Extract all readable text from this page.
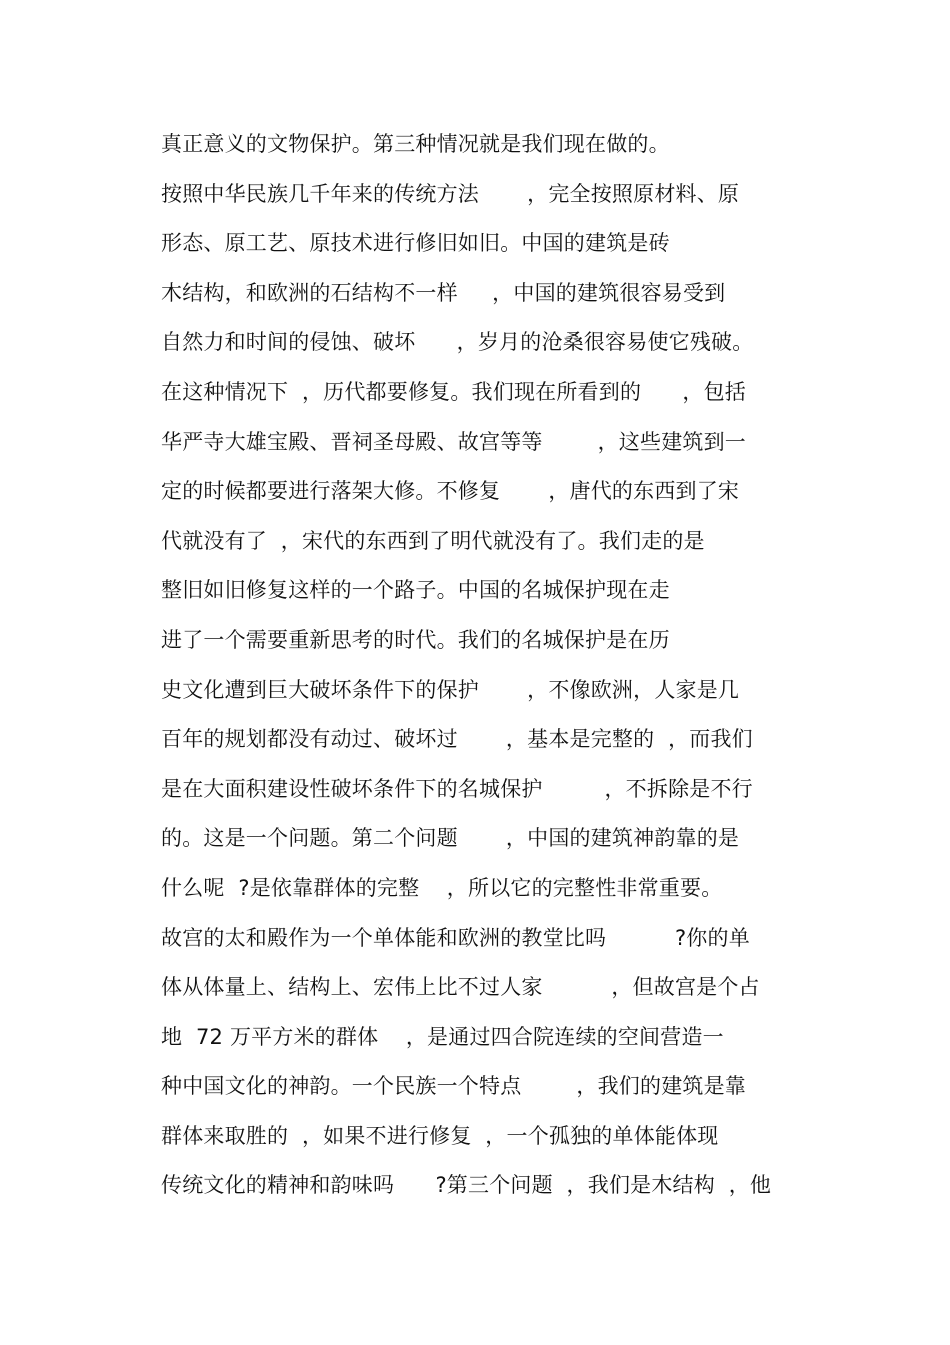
真正意义的文物保护。第三种情况就是我们现在做的。
按照中华民族几千年来的传统方法       ，完全按照原材料、原
形态、原工艺、原技术进行修旧如旧。中国的建筑是砖
木结构，和欧洲的石结构不一样     ，中国的建筑很容易受到
自然力和时间的侵蚀、破坏      ，岁月的沧桑很容易使它残破。
在这种情况下  ，历代都要修复。我们现在所看到的      ，包括
华严寺大雄宝殿、晋祠圣母殿、故宫等等        ，这些建筑到一
定的时候都要进行落架大修。不修复       ，唐代的东西到了宋
代就没有了  ，宋代的东西到了明代就没有了。我们走的是
整旧如旧修复这样的一个路子。中国的名城保护现在走
进了一个需要重新思考的时代。我们的名城保护是在历
史文化遭到巨大破坏条件下的保护       ，不像欧洲，人家是几
百年的规划都没有动过、破坏过       ，基本是完整的  ，而我们
是在大面积建设性破坏条件下的名城保护         ，不拆除是不行
的。这是一个问题。第二个问题       ，中国的建筑神韵靠的是
什么呢  ?是依靠群体的完整    ，所以它的完整性非常重要。
故宫的太和殿作为一个单体能和欧洲的教堂比吗          ?你的单
体从体量上、结构上、宏伟上比不过人家          ，但故宫是个占
地  72 万平方米的群体    ，是通过四合院连续的空间营造一
种中国文化的神韵。一个民族一个特点        ，我们的建筑是靠
群体来取胜的  ，如果不进行修复  ，一个孤独的单体能体现
传统文化的精神和韵味吗      ?第三个问题  ，我们是木结构  ，他
